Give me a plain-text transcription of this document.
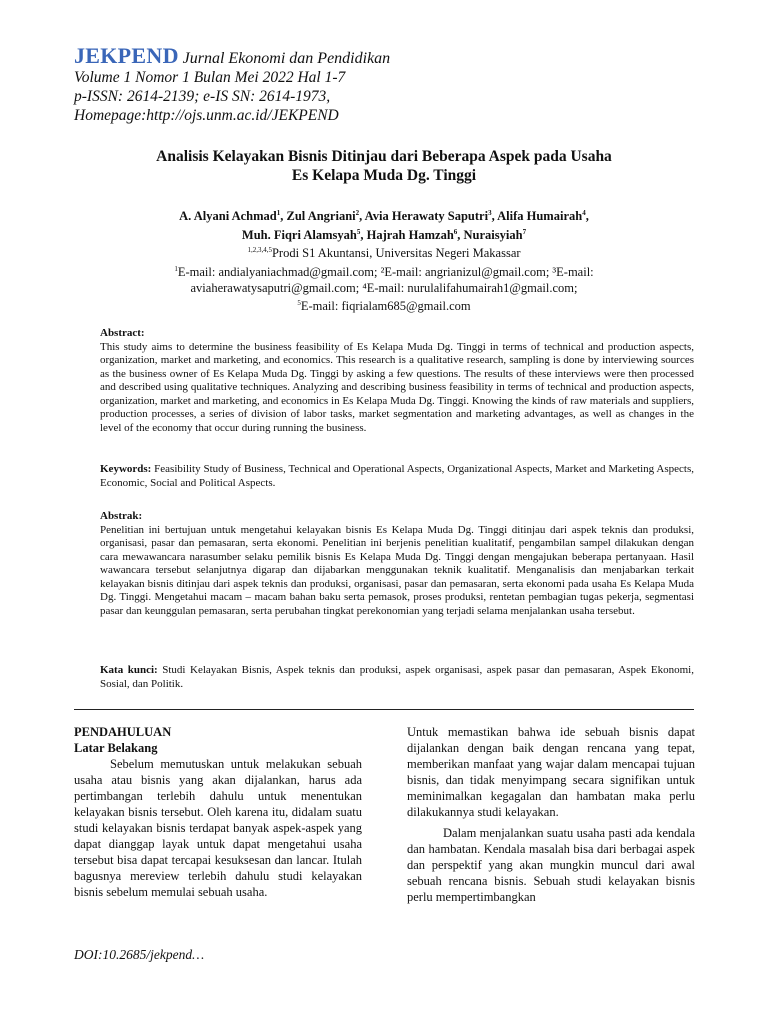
JEKPEND Jurnal Ekonomi dan Pendidikan
Volume 1 Nomor 1 Bulan Mei 2022 Hal 1-7
p-ISSN: 2614-2139; e-IS SN: 2614-1973,
Homepage:http://ojs.unm.ac.id/JEKPEND
Analisis Kelayakan Bisnis Ditinjau dari Beberapa Aspek pada Usaha
Es Kelapa Muda Dg. Tinggi
A. Alyani Achmad$^1$, Zul Angriani$^2$, Avia Herawaty Saputri$^3$, Alifa Humairah$^4$,
Muh. Fiqri Alamsyah$^5$, Hajrah Hamzah$^6$, Nuraisyiah$^7$
$^{1,2,3,4,5}$Prodi S1 Akuntansi, Universitas Negeri Makassar
$^1$E-mail: andialyaniachmad@gmail.com; ²E-mail: angrianizul@gmail.com; ³E-mail:
aviaherawatysaputri@gmail.com; ⁴E-mail: nurulalifahumairah1@gmail.com;
$^5$E-mail: fiqrialam685@gmail.com
Abstract:
This study aims to determine the business feasibility of Es Kelapa Muda Dg. Tinggi in terms of technical and production aspects, organization, market and marketing, and economics. This research is a qualitative research, sampling is done by interviewing sources as the business owner of Es Kelapa Muda Dg. Tinggi by asking a few questions. The results of these interviews were then processed and described using qualitative techniques. Analyzing and describing business feasibility in terms of technical and production aspects, organization, market and marketing, and economics in Es Kelapa Muda Dg. Tinggi. Knowing the kinds of raw materials and suppliers, production processes, a series of division of labor tasks, market segmentation and marketing advantages, as well as changes in the level of the economy that occur during running the business.
Keywords: Feasibility Study of Business, Technical and Operational Aspects, Organizational Aspects, Market and Marketing Aspects, Economic, Social and Political Aspects.
Abstrak:
Penelitian ini bertujuan untuk mengetahui kelayakan bisnis Es Kelapa Muda Dg. Tinggi ditinjau dari aspek teknis dan produksi, organisasi, pasar dan pemasaran, serta ekonomi. Penelitian ini berjenis penelitian kualitatif, pengambilan sampel dilakukan dengan cara mewawancara narasumber selaku pemilik bisnis Es Kelapa Muda Dg. Tinggi dengan mengajukan beberapa pertanyaan. Hasil wawancara tersebut selanjutnya digarap dan dijabarkan menggunakan teknik kualitatif. Menganalisis dan menjabarkan terkait kelayakan bisnis ditinjau dari aspek teknis dan produksi, organisasi, pasar dan pemasaran, serta ekonomi pada usaha Es Kelapa Muda Dg. Tinggi. Mengetahui macam – macam bahan baku serta pemasok, proses produksi, rentetan pembagian tugas pekerja, segmentasi pasar dan keunggulan pemasaran, serta perubahan tingkat perekonomian yang terjadi selama menjalankan usaha tersebut.
Kata kunci: Studi Kelayakan Bisnis, Aspek teknis dan produksi, aspek organisasi, aspek pasar dan pemasaran, Aspek Ekonomi, Sosial, dan Politik.
PENDAHULUAN
Latar Belakang

Sebelum memutuskan untuk melakukan sebuah usaha atau bisnis yang akan dijalankan, harus ada pertimbangan terlebih dahulu untuk menentukan kelayakan bisnis tersebut. Oleh karena itu, didalam suatu studi kelayakan bisnis terdapat banyak aspek-aspek yang dapat dianggap layak untuk dapat mengetahui usaha tersebut bisa dapat tercapai kesuksesan dan lancar. Itulah bagusnya mereview terlebih dahulu studi kelayakan bisnis sebelum memulai sebuah usaha.

Untuk memastikan bahwa ide sebuah bisnis dapat dijalankan dengan baik dengan rencana yang tepat, memberikan manfaat yang wajar dalam mencapai tujuan bisnis, dan tidak menyimpang secara signifikan untuk meminimalkan kegagalan dan hambatan maka perlu dilakukannya studi kelayakan.

Dalam menjalankan suatu usaha pasti ada kendala dan hambatan. Kendala masalah bisa dari berbagai aspek dan perspektif yang akan mungkin muncul dari awal sebuah rencana bisnis. Sebuah studi kelayakan bisnis perlu mempertimbangkan

DOI:10.2685/jekpend…
